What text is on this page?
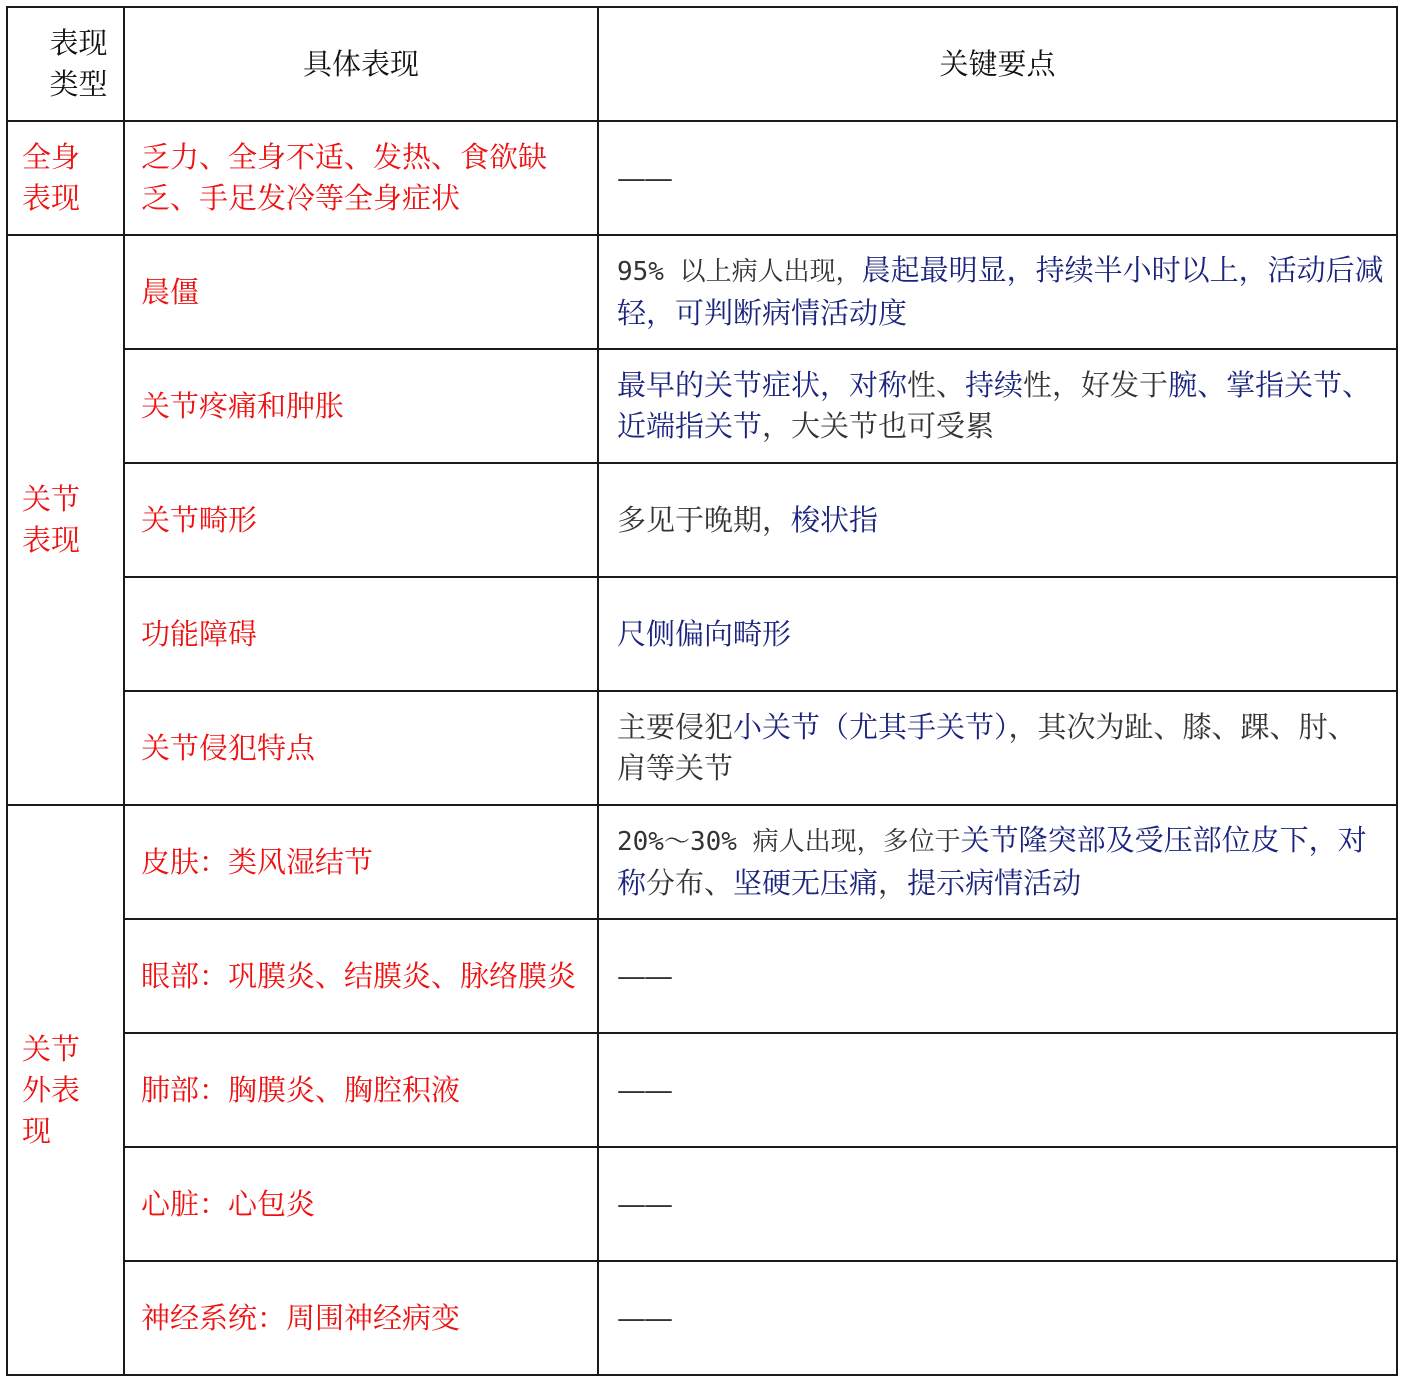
表现
类型	具体表现	关键要点
全身
表现	乏力、全身不适、发热、食欲缺乏、手足发冷等全身症状	——
关节
表现	晨僵	95% 以上病人出现，晨起最明显，持续半小时以上，活动后减轻，可判断病情活动度
	关节疼痛和肿胀	最早的关节症状，对称性、持续性，好发于腕、掌指关节、近端指关节，大关节也可受累
	关节畸形	多见于晚期，梭状指
	功能障碍	尺侧偏向畸形
	关节侵犯特点	主要侵犯小关节（尤其手关节），其次为趾、膝、踝、肘、肩等关节
关节
外表
现	皮肤：类风湿结节	20%～30% 病人出现，多位于关节隆突部及受压部位皮下，对称分布、坚硬无压痛，提示病情活动
	眼部：巩膜炎、结膜炎、脉络膜炎	——
	肺部：胸膜炎、胸腔积液	——
	心脏：心包炎	——
	神经系统：周围神经病变	——
